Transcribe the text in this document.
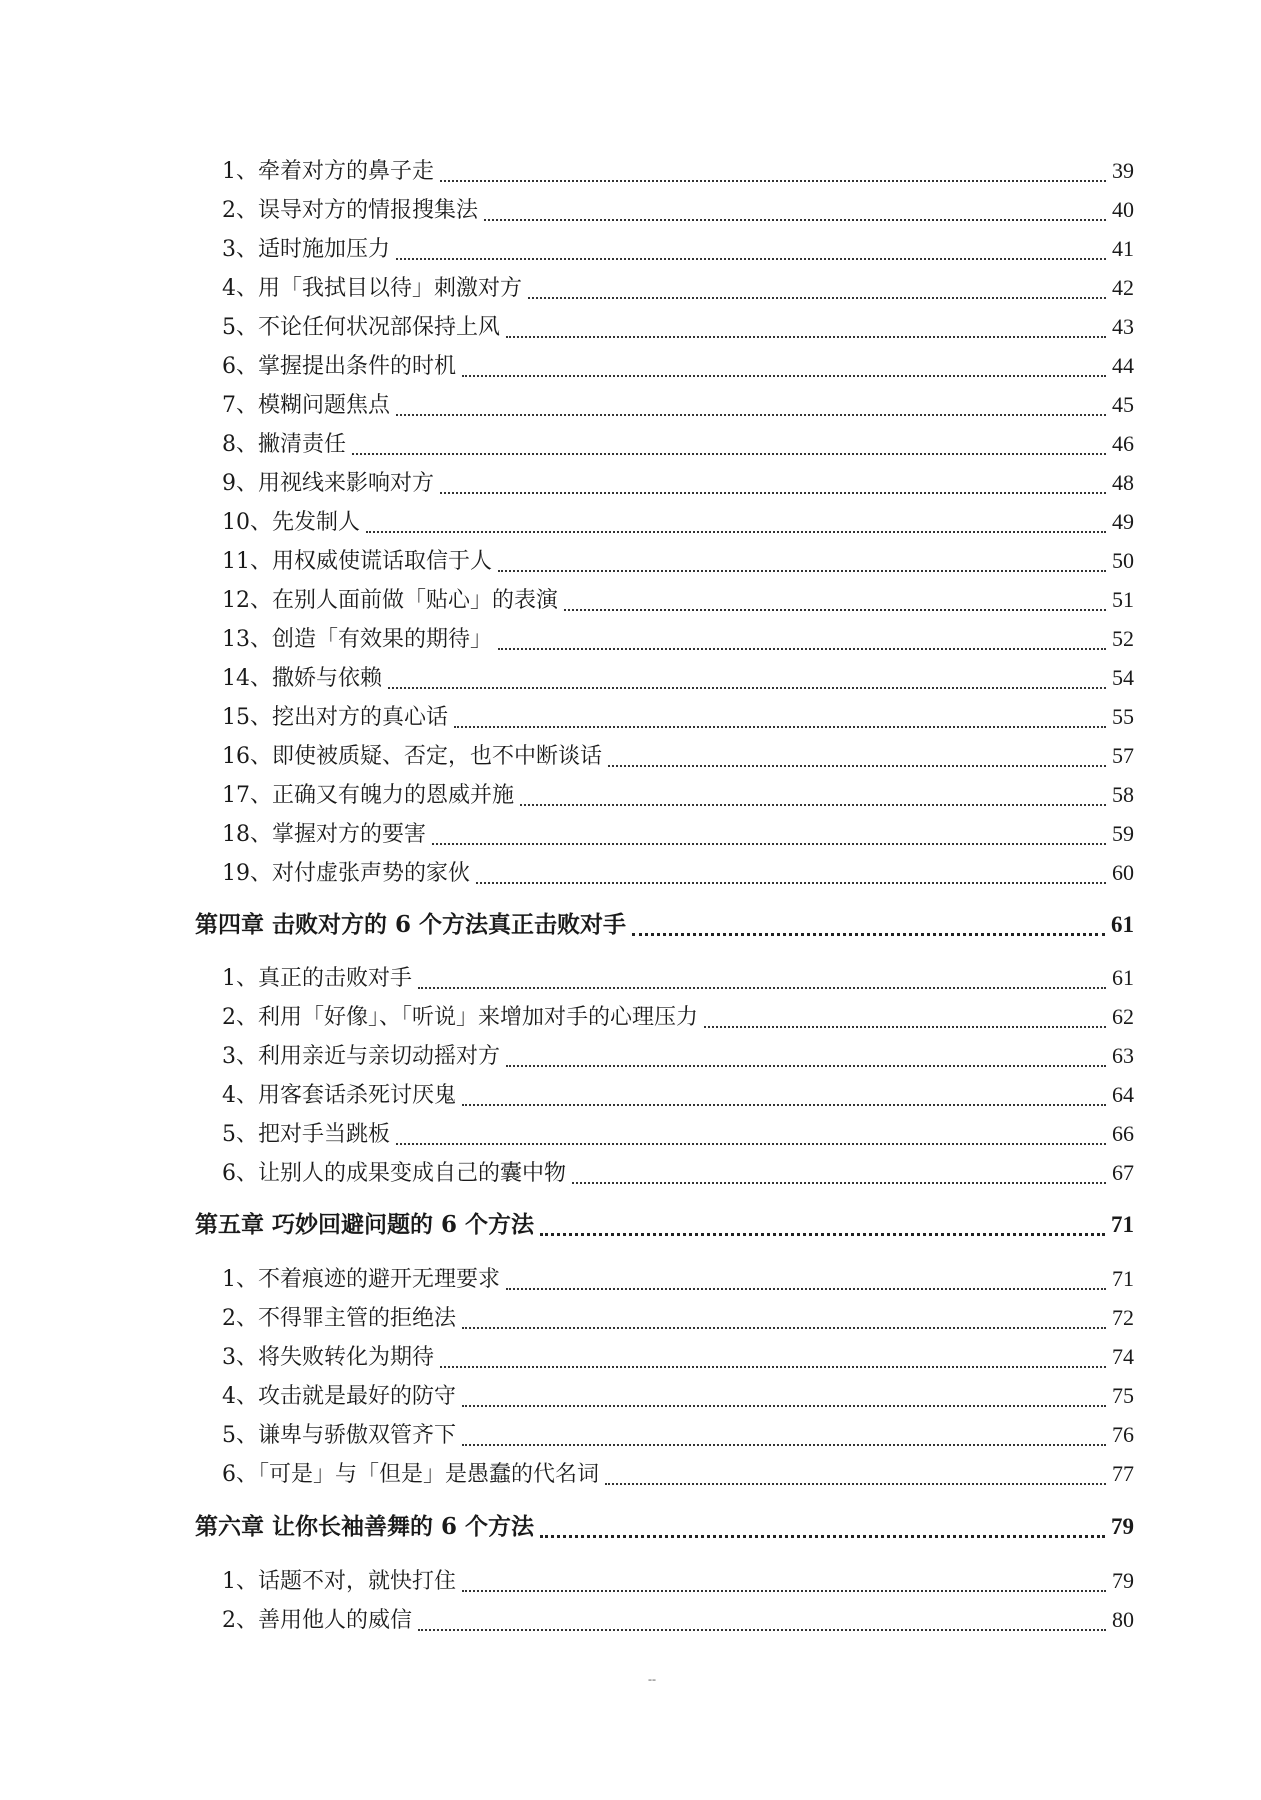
1、牵着对方的鼻子走	39
2、误导对方的情报搜集法	40
3、适时施加压力	41
4、用「我拭目以待」刺激对方	42
5、不论任何状况部保持上风	43
6、掌握提出条件的时机	44
7、模糊问题焦点	45
8、撇清责任	46
9、用视线来影响对方	48
10、先发制人	49
11、用权威使谎话取信于人	50
12、在别人面前做「贴心」的表演	51
13、创造「有效果的期待」	52
14、撒娇与依赖	54
15、挖出对方的真心话	55
16、即使被质疑、否定，也不中断谈话	57
17、正确又有魄力的恩威并施	58
18、掌握对方的要害	59
19、对付虚张声势的家伙	60
第四章 击败对方的 6 个方法真正击败对手	61
1、真正的击败对手	61
2、利用「好像」、「听说」来增加对手的心理压力	62
3、利用亲近与亲切动摇对方	63
4、用客套话杀死讨厌鬼	64
5、把对手当跳板	66
6、让别人的成果变成自己的囊中物	67
第五章 巧妙回避问题的 6 个方法	71
1、不着痕迹的避开无理要求	71
2、不得罪主管的拒绝法	72
3、将失败转化为期待	74
4、攻击就是最好的防守	75
5、谦卑与骄傲双管齐下	76
6、「可是」与「但是」是愚蠢的代名词	77
第六章 让你长袖善舞的 6 个方法	79
1、话题不对，就快打住	79
2、善用他人的威信	80
--
